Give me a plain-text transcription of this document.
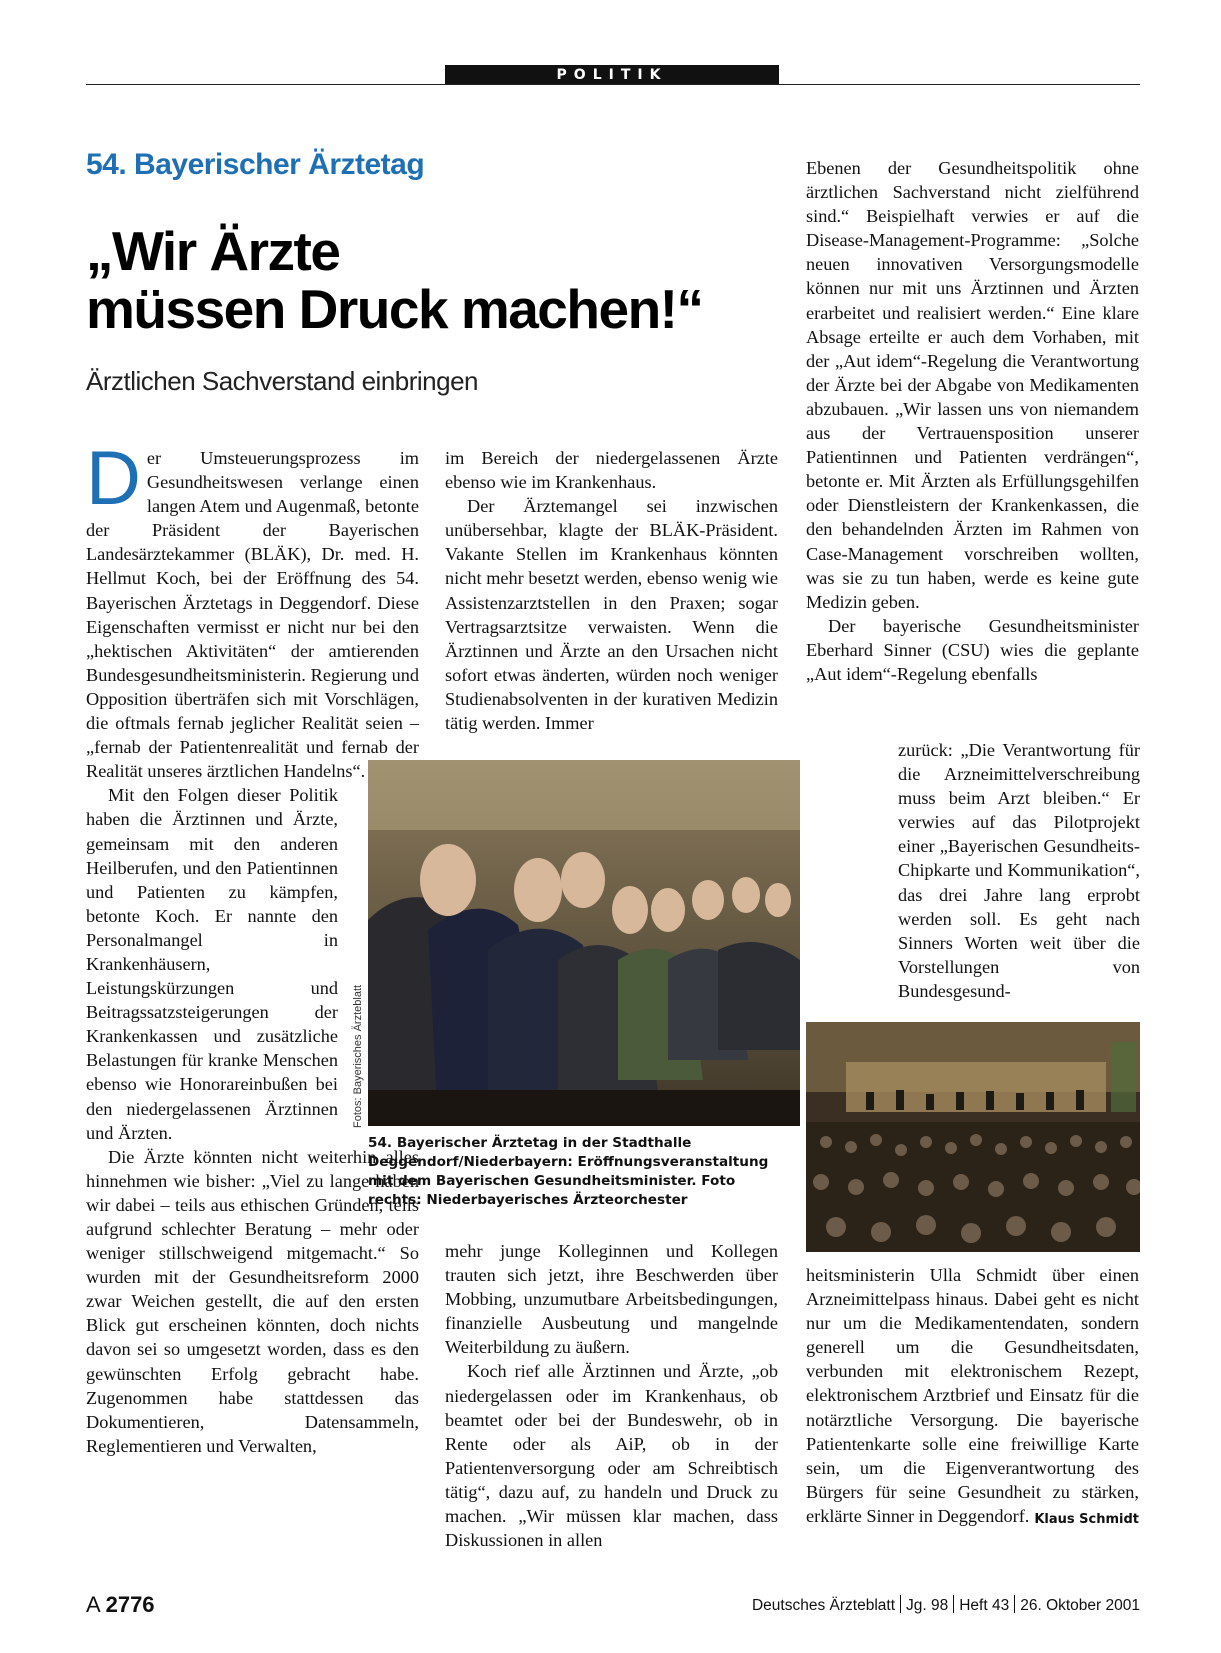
POLITIK
54. Bayerischer Ärztetag
„Wir Ärzte
müssen Druck machen!“
Ärztlichen Sachverstand einbringen

Der Umsteuerungsprozess im Gesundheitswesen verlange einen langen Atem und Augenmaß, betonte der Präsident der Bayerischen Landesärztekammer (BLÄK), Dr. med. H. Hellmut Koch, bei der Eröffnung des 54. Bayerischen Ärztetags in Deggendorf. Diese Eigenschaften vermisst er nicht nur bei den „hektischen Aktivitäten“ der amtierenden Bundesgesundheitsministerin. Regierung und Opposition überträfen sich mit Vorschlägen, die oftmals fernab jeglicher Realität seien – „fernab der Patientenrealität und fernab der Realität unseres ärztlichen Handelns“.

Mit den Folgen dieser Politik haben die Ärztinnen und Ärzte, gemeinsam mit den anderen Heilberufen, und den Patientinnen und Patienten zu kämpfen, betonte Koch. Er nannte den Personalmangel in Krankenhäusern, Leistungskürzungen und Beitragssatzsteigerungen der Krankenkassen und zusätzliche Belastungen für kranke Menschen ebenso wie Honorareinbußen bei den niedergelassenen Ärztinnen und Ärzten.

Die Ärzte könnten nicht weiterhin alles hinnehmen wie bisher: „Viel zu lange haben wir dabei – teils aus ethischen Gründen, teils aufgrund schlechter Beratung – mehr oder weniger stillschweigend mitgemacht.“ So wurden mit der Gesundheitsreform 2000 zwar Weichen gestellt, die auf den ersten Blick gut erscheinen könnten, doch nichts davon sei so umgesetzt worden, dass es den gewünschten Erfolg gebracht habe. Zugenommen habe stattdessen das Dokumentieren, Datensammeln, Reglementieren und Verwalten,

im Bereich der niedergelassenen Ärzte ebenso wie im Krankenhaus.

Der Ärztemangel sei inzwischen unübersehbar, klagte der BLÄK-Präsident. Vakante Stellen im Krankenhaus könnten nicht mehr besetzt werden, ebenso wenig wie Assistenzarztstellen in den Praxen; sogar Vertragsarztsitze verwaisten. Wenn die Ärztinnen und Ärzte an den Ursachen nicht sofort etwas änderten, würden noch weniger Studienabsolventen in der kurativen Medizin tätig werden. Immer

mehr junge Kolleginnen und Kollegen trauten sich jetzt, ihre Beschwerden über Mobbing, unzumutbare Arbeitsbedingungen, finanzielle Ausbeutung und mangelnde Weiterbildung zu äußern.

Koch rief alle Ärztinnen und Ärzte, „ob niedergelassen oder im Krankenhaus, ob beamtet oder bei der Bundeswehr, ob in Rente oder als AiP, ob in der Patientenversorgung oder am Schreibtisch tätig“, dazu auf, zu handeln und Druck zu machen. „Wir müssen klar machen, dass Diskussionen in allen

Ebenen der Gesundheitspolitik ohne ärztlichen Sachverstand nicht zielführend sind.“ Beispielhaft verwies er auf die Disease-Management-Programme: „Solche neuen innovativen Versorgungsmodelle können nur mit uns Ärztinnen und Ärzten erarbeitet und realisiert werden.“ Eine klare Absage erteilte er auch dem Vorhaben, mit der „Aut idem“-Regelung die Verantwortung der Ärzte bei der Abgabe von Medikamenten abzubauen. „Wir lassen uns von niemandem aus der Vertrauensposition unserer Patientinnen und Patienten verdrängen“, betonte er. Mit Ärzten als Erfüllungsgehilfen oder Dienstleistern der Krankenkassen, die den behandelnden Ärzten im Rahmen von Case-Management vorschreiben wollten, was sie zu tun haben, werde es keine gute Medizin geben.

Der bayerische Gesundheitsminister Eberhard Sinner (CSU) wies die geplante „Aut idem“-Regelung ebenfalls

zurück: „Die Verantwortung für die Arzneimittelverschreibung muss beim Arzt bleiben.“ Er verwies auf das Pilotprojekt einer „Bayerischen Gesundheits-Chipkarte und Kommunikation“, das drei Jahre lang erprobt werden soll. Es geht nach Sinners Worten weit über die Vorstellungen von Bundesgesund-

heitsministerin Ulla Schmidt über einen Arzneimittelpass hinaus. Dabei geht es nicht nur um die Medikamentendaten, sondern generell um die Gesundheitsdaten, verbunden mit elektronischem Rezept, elektronischem Arztbrief und Einsatz für die notärztliche Versorgung. Die bayerische Patientenkarte solle eine freiwillige Karte sein, um die Eigenverantwortung des Bürgers für seine Gesundheit zu stärken, erklärte Sinner in Deggendorf. Klaus Schmidt
Fotos: Bayerisches Ärzteblatt
54. Bayerischer Ärztetag in der Stadthalle Deggendorf/Niederbayern: Eröffnungsveranstaltung mit dem Bayerischen Gesundheitsminister. Foto rechts: Niederbayerisches Ärzteorchester
A 2776	Deutsches Ärzteblatt Jg. 98 Heft 43 26. Oktober 2001
